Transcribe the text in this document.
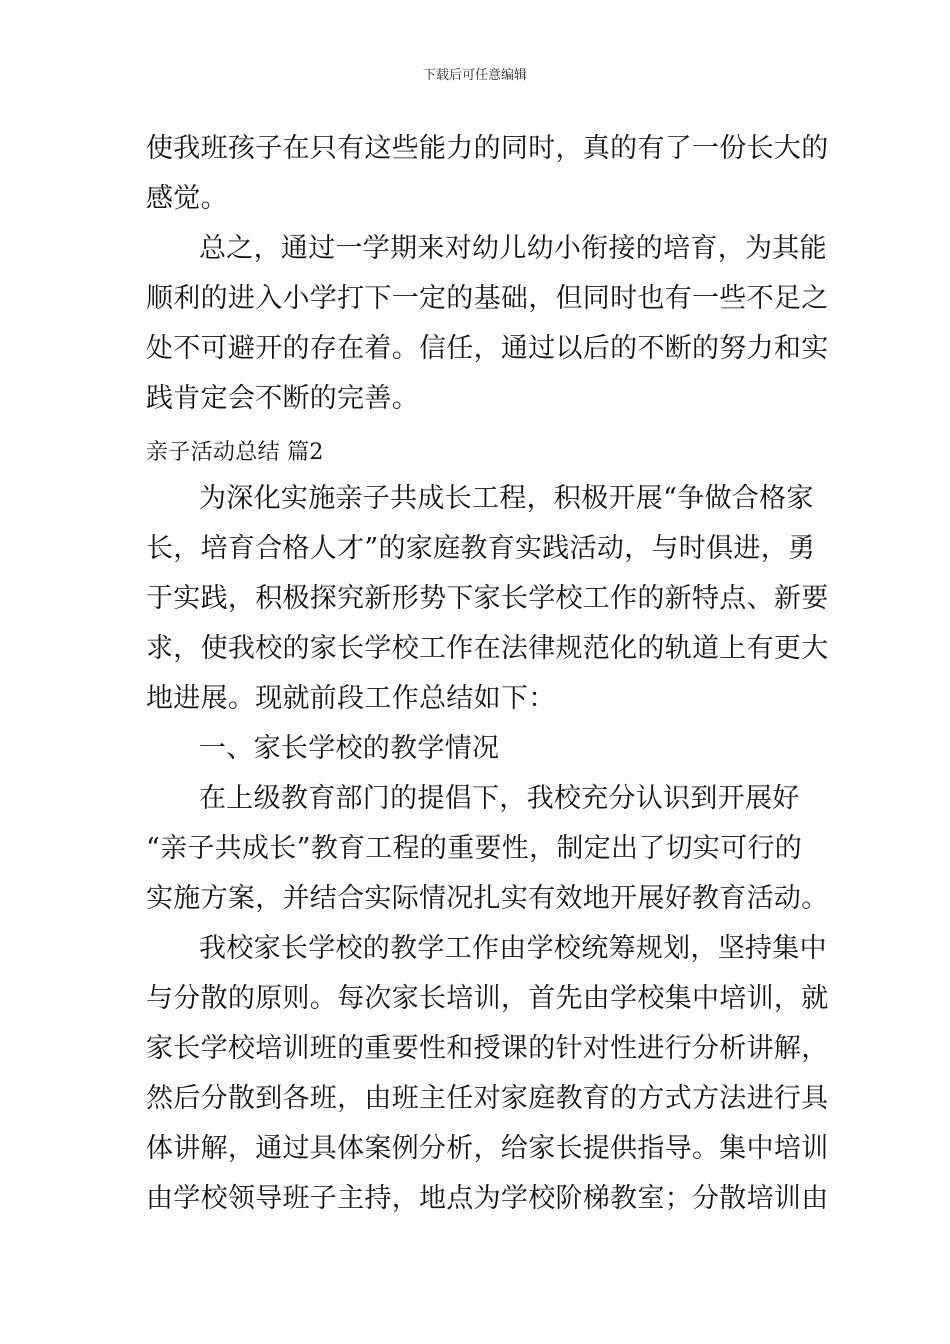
下载后可任意编辑
使我班孩子在只有这些能力的同时，真的有了一份长大的
感觉。
总之，通过一学期来对幼儿幼小衔接的培育，为其能
顺利的进入小学打下一定的基础，但同时也有一些不足之
处不可避开的存在着。信任，通过以后的不断的努力和实
践肯定会不断的完善。
亲子活动总结 篇2
为深化实施亲子共成长工程，积极开展“争做合格家
长，培育合格人才”的家庭教育实践活动，与时俱进，勇
于实践，积极探究新形势下家长学校工作的新特点、新要
求，使我校的家长学校工作在法律规范化的轨道上有更大
地进展。现就前段工作总结如下：
一、家长学校的教学情况
在上级教育部门的提倡下，我校充分认识到开展好
“亲子共成长”教育工程的重要性，制定出了切实可行的
实施方案，并结合实际情况扎实有效地开展好教育活动。
我校家长学校的教学工作由学校统筹规划，坚持集中
与分散的原则。每次家长培训，首先由学校集中培训，就
家长学校培训班的重要性和授课的针对性进行分析讲解，
然后分散到各班，由班主任对家庭教育的方式方法进行具
体讲解，通过具体案例分析，给家长提供指导。集中培训
由学校领导班子主持，地点为学校阶梯教室；分散培训由
